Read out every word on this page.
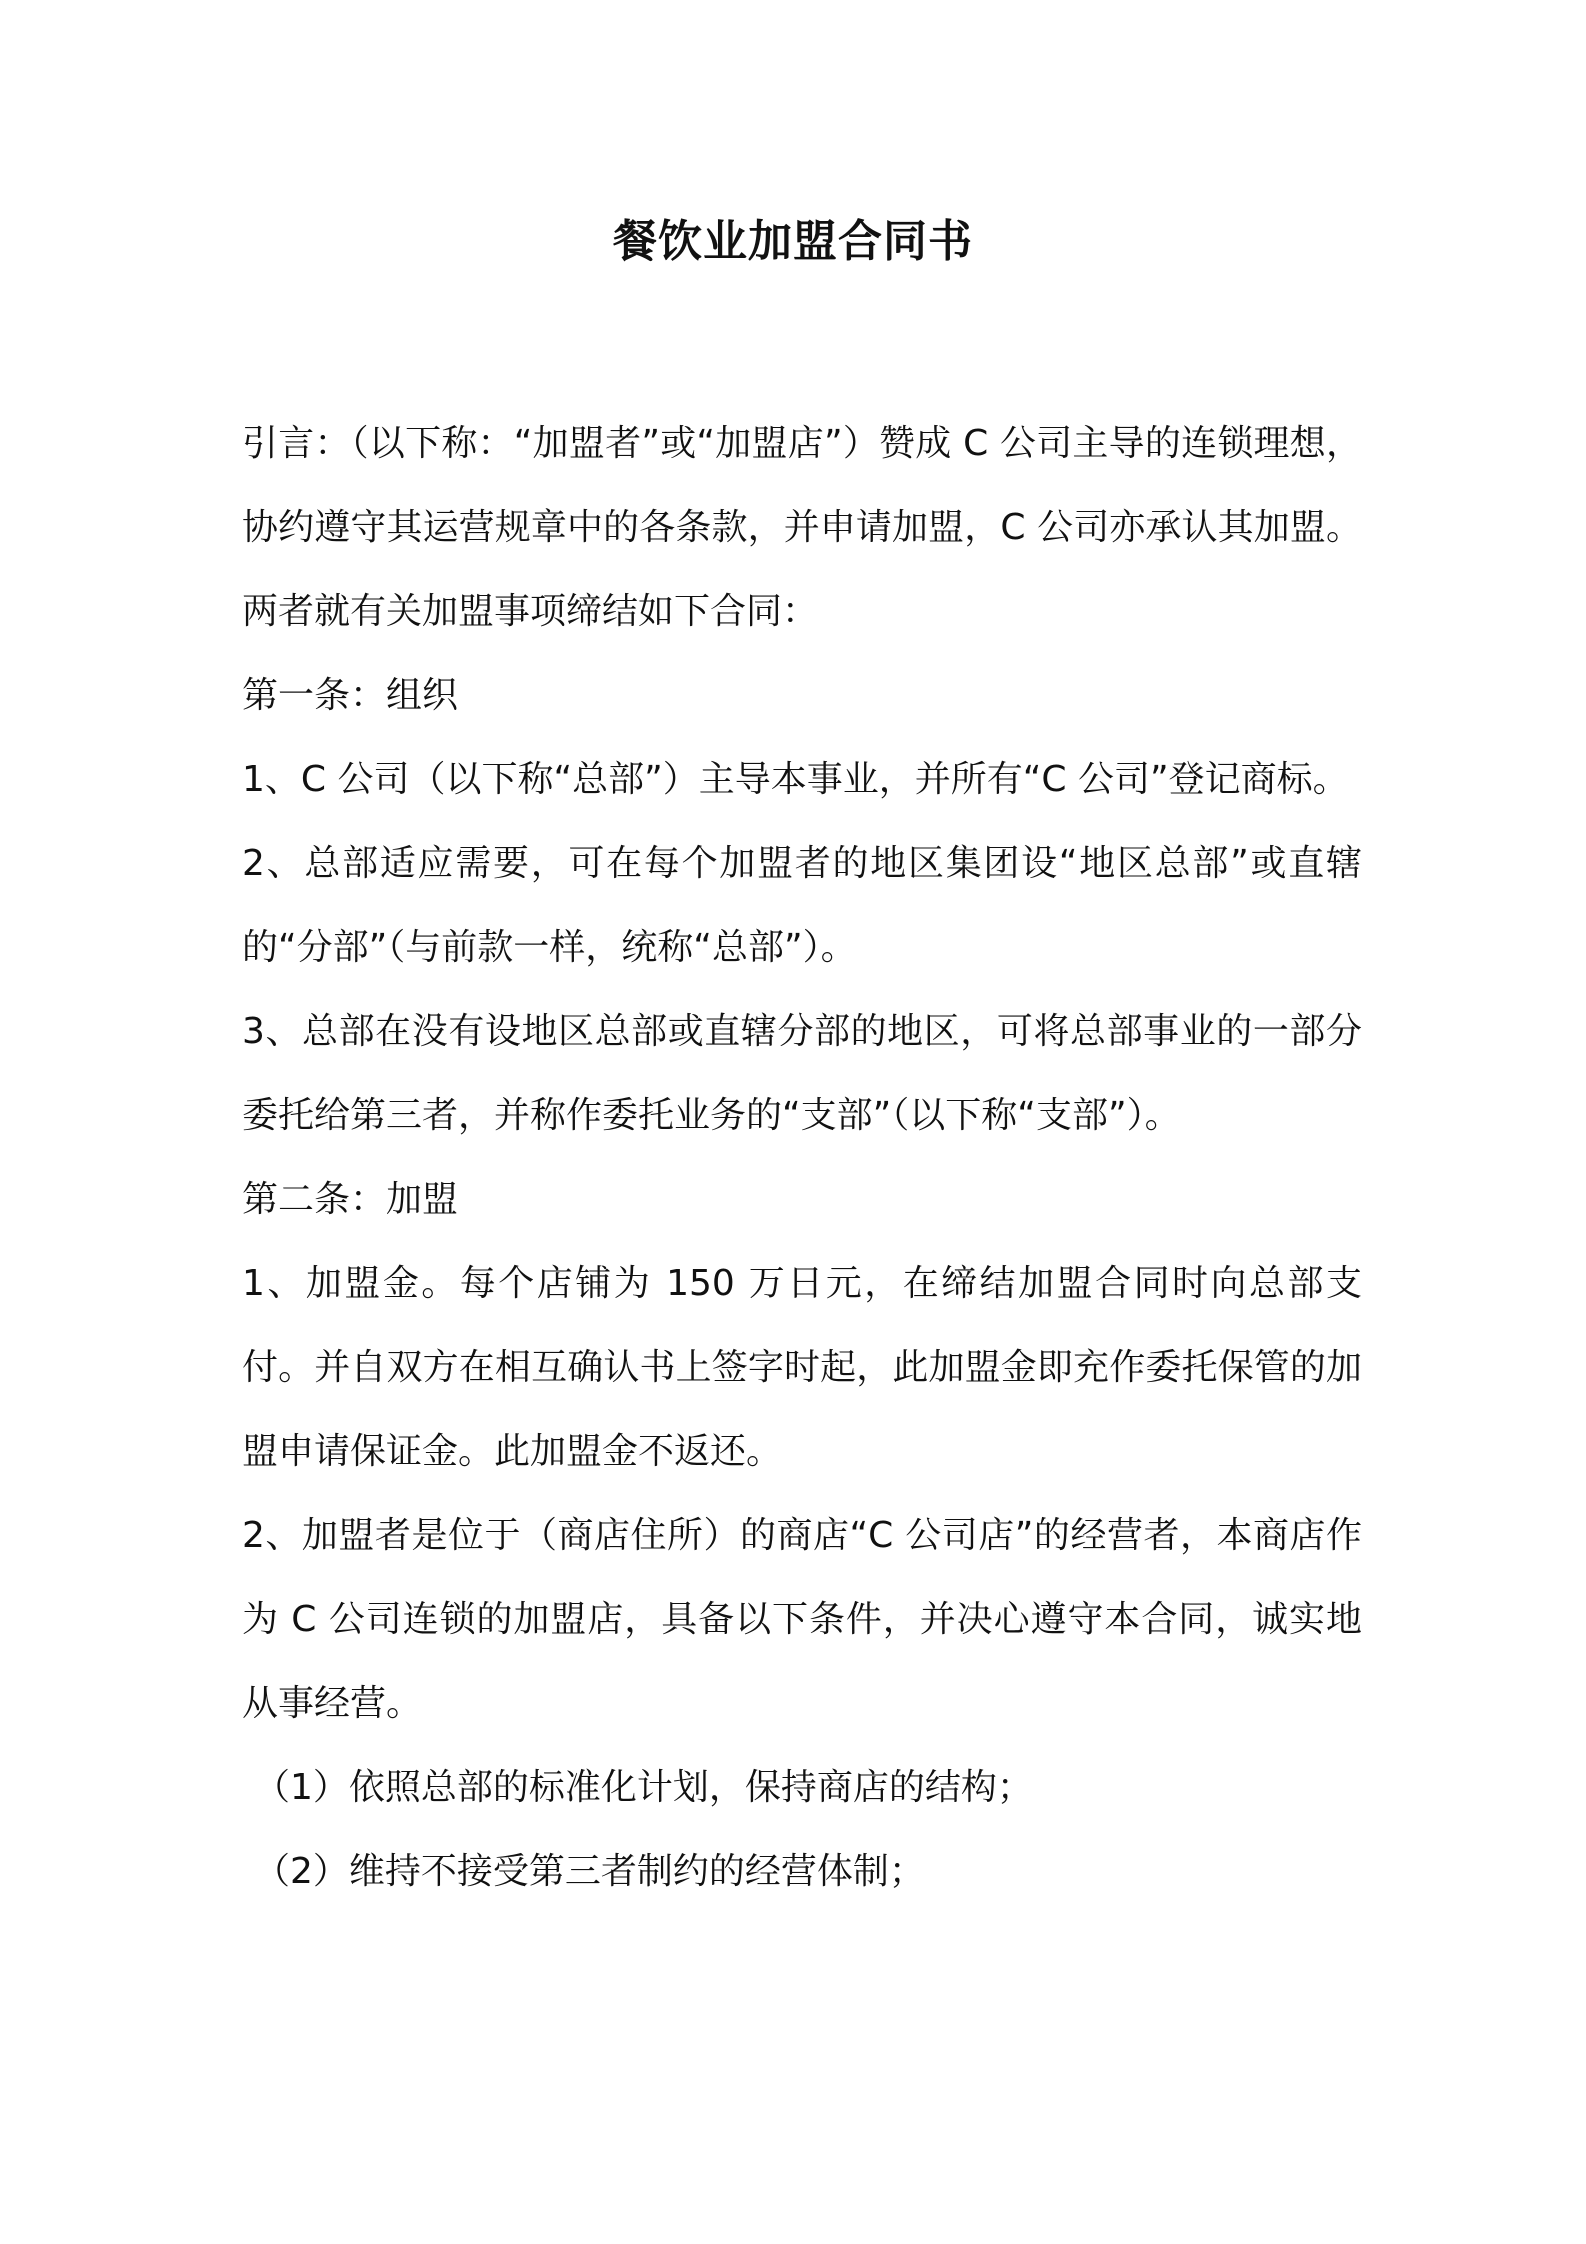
餐饮业加盟合同书

引言：（以下称：“加盟者”或“加盟店”）赞成 C 公司主导的连锁理想，协约遵守其运营规章中的各条款，并申请加盟，C 公司亦承认其加盟。两者就有关加盟事项缔结如下合同：

第一条：组织

1、C 公司（以下称“总部”）主导本事业，并所有“C 公司”登记商标。

2、总部适应需要，可在每个加盟者的地区集团设“地区总部”或直辖的“分部”（与前款一样，统称“总部”）。

3、总部在没有设地区总部或直辖分部的地区，可将总部事业的一部分委托给第三者，并称作委托业务的“支部”（以下称“支部”）。

第二条：加盟

1、加盟金。每个店铺为 150 万日元，在缔结加盟合同时向总部支付。并自双方在相互确认书上签字时起，此加盟金即充作委托保管的加盟申请保证金。此加盟金不返还。

2、加盟者是位于（商店住所）的商店“C 公司店”的经营者，本商店作为 C 公司连锁的加盟店，具备以下条件，并决心遵守本合同，诚实地从事经营。

（1）依照总部的标准化计划，保持商店的结构；

（2）维持不接受第三者制约的经营体制；
